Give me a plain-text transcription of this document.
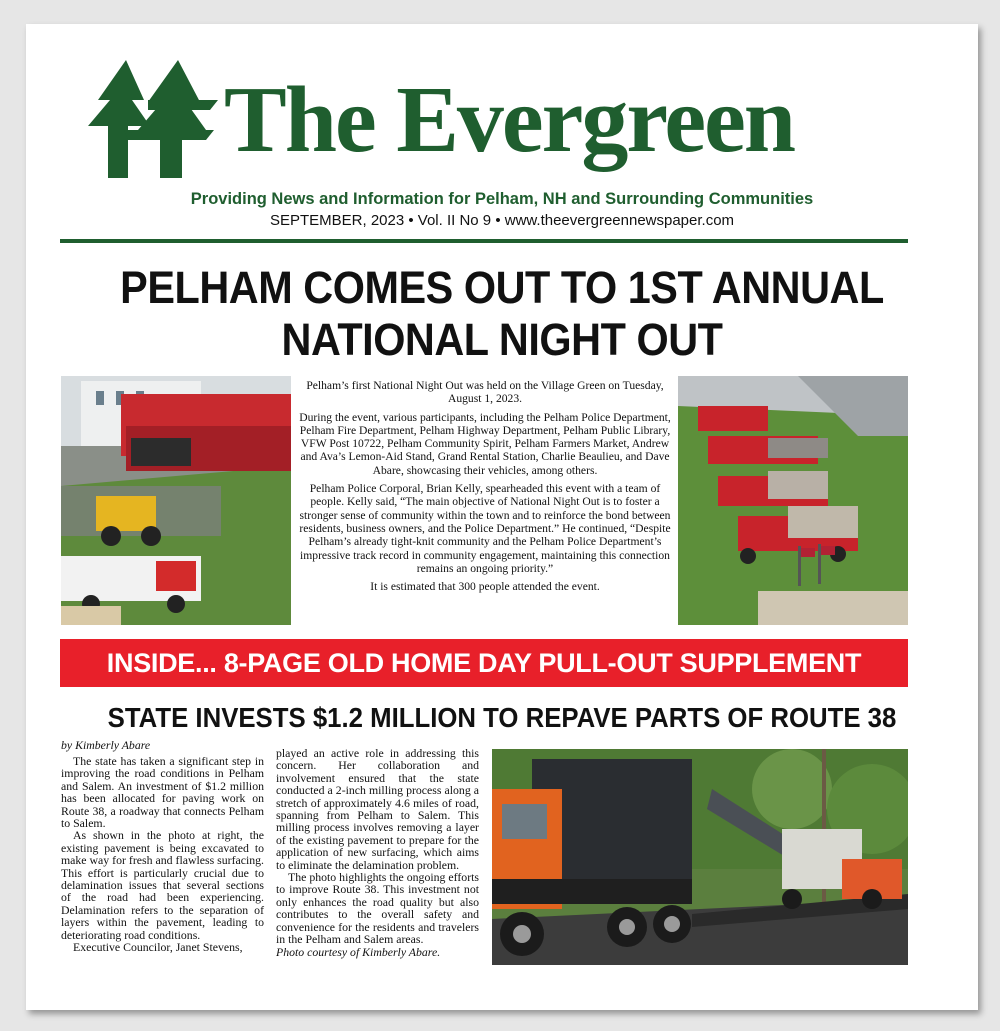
The Evergreen
Providing News and Information for Pelham, NH and Surrounding Communities
SEPTEMBER, 2023 • Vol. II No 9 • www.theevergreennewspaper.com
PELHAM COMES OUT TO 1ST ANNUAL
NATIONAL NIGHT OUT

Pelham’s first National Night Out was held on the Village Green on Tuesday, August 1, 2023.

During the event, various participants, including the Pelham Police Department, Pelham Fire Department, Pelham Highway Department, Pelham Public Library, VFW Post 10722, Pelham Community Spirit, Pelham Farmers Market, Andrew and Ava’s Lemon-Aid Stand, Grand Rental Station, Charlie Beaulieu, and Dave Abare, showcasing their vehicles, among others.

Pelham Police Corporal, Brian Kelly, spearheaded this event with a team of people. Kelly said, “The main objective of National Night Out is to foster a stronger sense of community within the town and to reinforce the bond between residents, business owners, and the Police Department.” He continued, “Despite Pelham’s already tight-knit community and the Pelham Police Department’s impressive track record in community engagement, maintaining this connection remains an ongoing priority.”

It is estimated that 300 people attended the event.

INSIDE... 8-PAGE OLD HOME DAY PULL-OUT SUPPLEMENT
STATE INVESTS $1.2 MILLION TO REPAVE PARTS OF ROUTE 38
by Kimberly Abare

The state has taken a significant step in improving the road conditions in Pelham and Salem. An investment of $1.2 million has been allocated for paving work on Route 38, a roadway that connects Pelham to Salem.

As shown in the photo at right, the existing pavement is being excavated to make way for fresh and flawless surfacing. This effort is particularly crucial due to delamination issues that several sections of the road had been experiencing. Delamination refers to the separation of layers within the pavement, leading to deteriorating road conditions.

Executive Councilor, Janet Stevens,

played an active role in addressing this concern. Her collaboration and involvement ensured that the state conducted a 2-inch milling process along a stretch of approximately 4.6 miles of road, spanning from Pelham to Salem. This milling process involves removing a layer of the existing pavement to prepare for the application of new surfacing, which aims to eliminate the delamination problem.

The photo highlights the ongoing efforts to improve Route 38. This investment not only enhances the road quality but also contributes to the overall safety and convenience for the residents and travelers in the Pelham and Salem areas.

Photo courtesy of Kimberly Abare.
